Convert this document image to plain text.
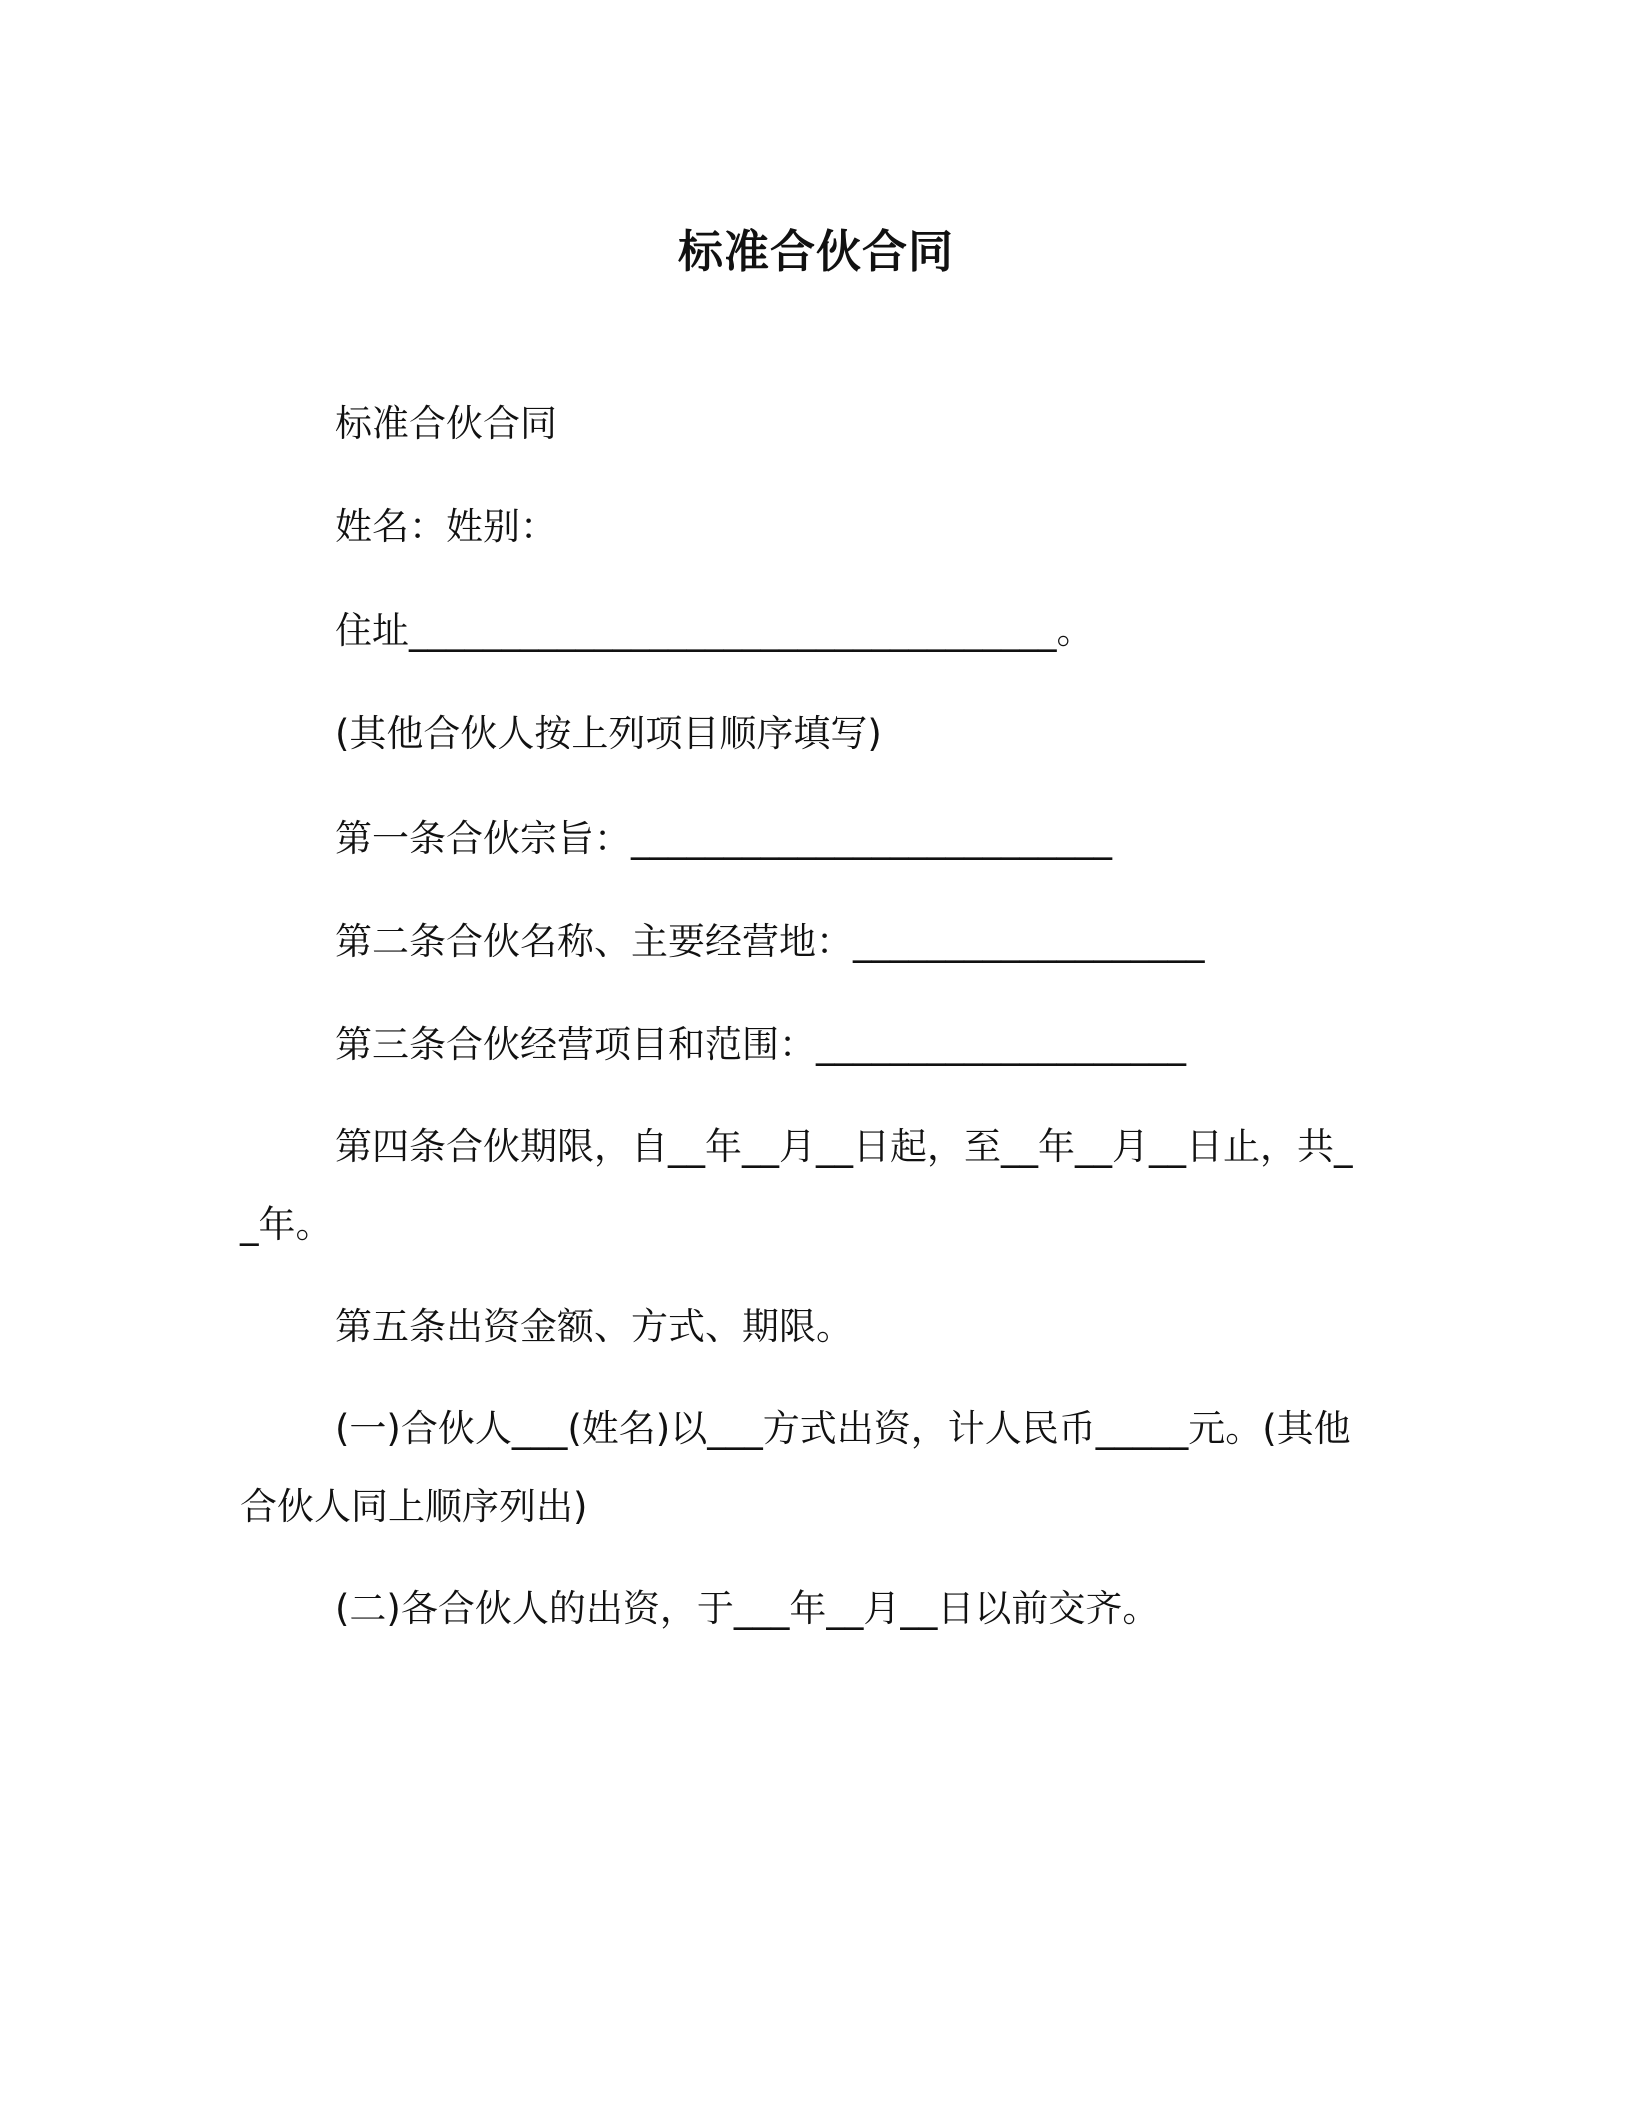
标准合伙合同

标准合伙合同

姓名：姓别：

住址___________________________________。

(其他合伙人按上列项目顺序填写)

第一条合伙宗旨：__________________________

第二条合伙名称、主要经营地：___________________

第三条合伙经营项目和范围：____________________

第四条合伙期限，自__年__月__日起，至__年__月__日止，共__年。

第五条出资金额、方式、期限。

(一)合伙人___(姓名)以___方式出资，计人民币_____元。(其他合伙人同上顺序列出)

(二)各合伙人的出资，于___年__月__日以前交齐。
